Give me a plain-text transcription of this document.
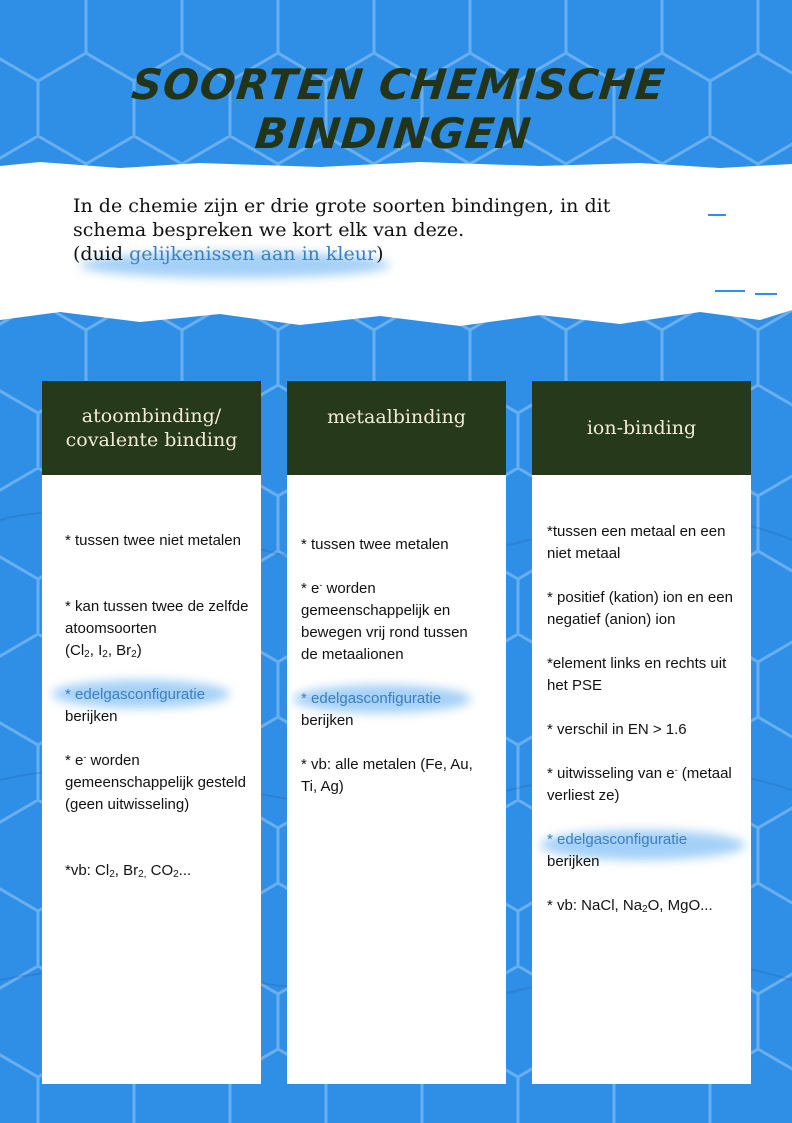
SOORTEN CHEMISCHE BINDINGEN
In de chemie zijn er drie grote soorten bindingen, in dit
schema bespreken we kort elk van deze.
(duid gelijkenissen aan in kleur)
atoombinding/
covalente binding

* tussen twee niet metalen

* kan tussen twee de zelfde atoomsoorten
($Cl_2$, $I_2$, $Br_2$)

* edelgasconfiguratie
berijken

* e- worden gemeenschappelijk gesteld (geen uitwisseling)

*vb: $Cl_2$, $Br_{2,}$ $CO_2$...

metaalbinding

* tussen twee metalen

* e- worden gemeenschappelijk en bewegen vrij rond tussen de metaalionen

* edelgasconfiguratie
berijken

* vb: alle metalen (Fe, Au, Ti, Ag)

ion-binding

*tussen een metaal en een niet metaal

* positief (kation) ion en een negatief (anion) ion

*element links en rechts uit het PSE

* verschil in EN > 1.6

* uitwisseling van e- (metaal verliest ze)

* edelgasconfiguratie
berijken

* vb: NaCl, $Na_2O$, MgO...
